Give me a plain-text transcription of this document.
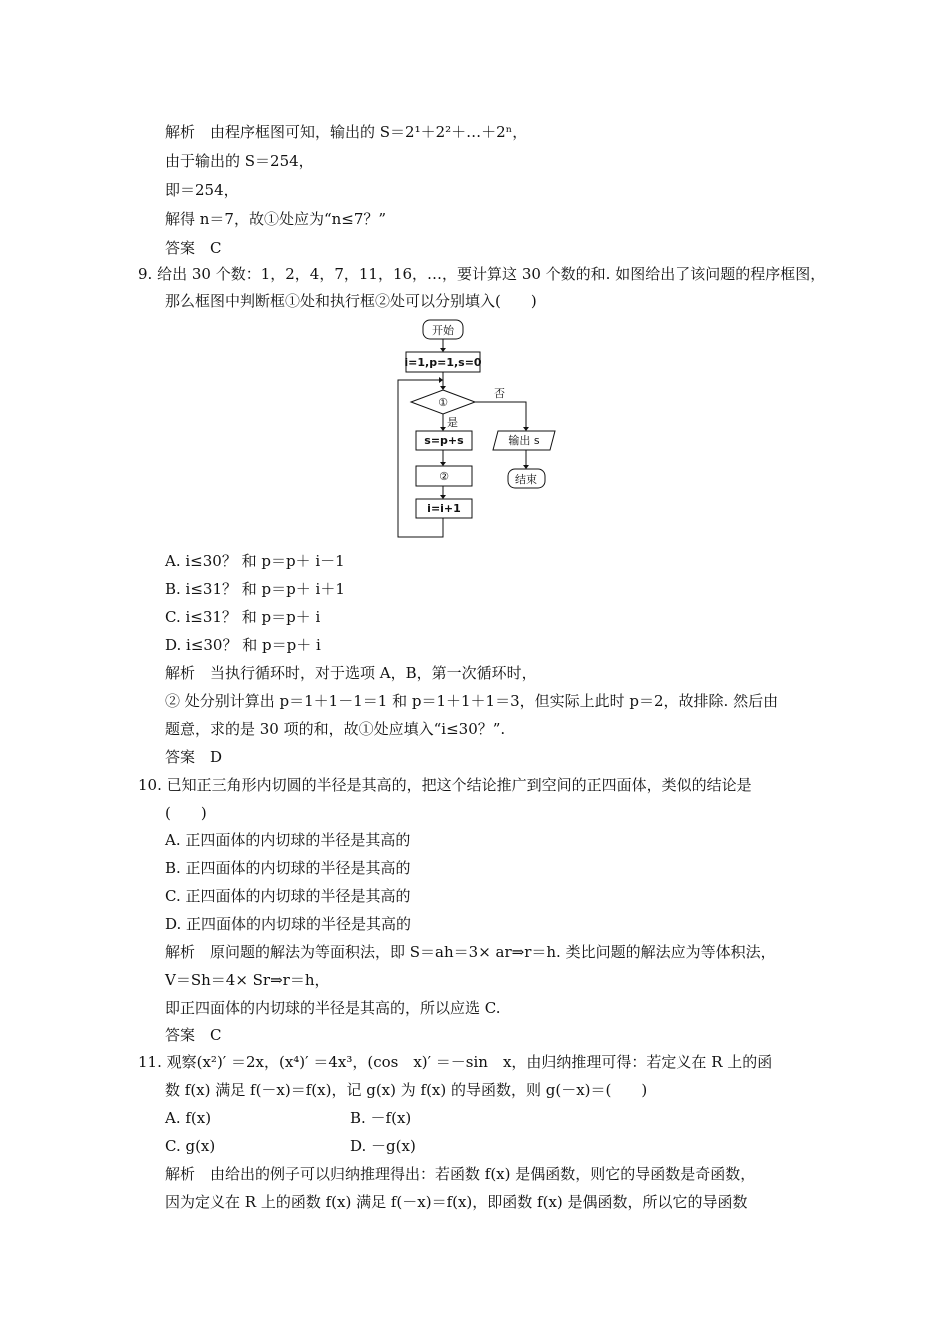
解析　由程序框图可知，输出的 S＝2¹＋2²＋…＋2ⁿ，
由于输出的 S＝254，
即＝254，
解得 n＝7，故①处应为“n≤7？”
答案　C
9. 给出 30 个数：1，2，4，7，11，16，…，要计算这 30 个数的和. 如图给出了该问题的程序框图，
那么框图中判断框①处和执行框②处可以分别填入(　　)
开始
i=1,p=1,s=0
①
否
是
s=p+s
②
i=i+1
输出 s
结束
A. i≤30？ 和 p＝p＋ i－1
B. i≤31？ 和 p＝p＋ i＋1
C. i≤31？ 和 p＝p＋ i
D. i≤30？ 和 p＝p＋ i
解析　当执行循环时，对于选项 A，B，第一次循环时，
② 处分别计算出 p＝1＋1－1＝1 和 p＝1＋1＋1＝3，但实际上此时 p＝2，故排除. 然后由
题意，求的是 30 项的和，故①处应填入“i≤30？”.
答案　D
10. 已知正三角形内切圆的半径是其高的，把这个结论推广到空间的正四面体，类似的结论是
(　　)
A. 正四面体的内切球的半径是其高的
B. 正四面体的内切球的半径是其高的
C. 正四面体的内切球的半径是其高的
D. 正四面体的内切球的半径是其高的
解析　原问题的解法为等面积法，即 S＝ah＝3× ar⇒r＝h. 类比问题的解法应为等体积法，
V＝Sh＝4× Sr⇒r＝h，
即正四面体的内切球的半径是其高的，所以应选 C.
答案　C
11. 观察(x²)′ ＝2x，(x⁴)′ ＝4x³，(cos　x)′ ＝－sin　x，由归纳推理可得：若定义在 R 上的函
数 f(x) 满足 f(－x)＝f(x)，记 g(x) 为 f(x) 的导函数，则 g(－x)＝(　　)
A. f(x)	B. －f(x)
C. g(x)	D. －g(x)
解析　由给出的例子可以归纳推理得出：若函数 f(x) 是偶函数，则它的导函数是奇函数，
因为定义在 R 上的函数 f(x) 满足 f(－x)＝f(x)，即函数 f(x) 是偶函数，所以它的导函数
